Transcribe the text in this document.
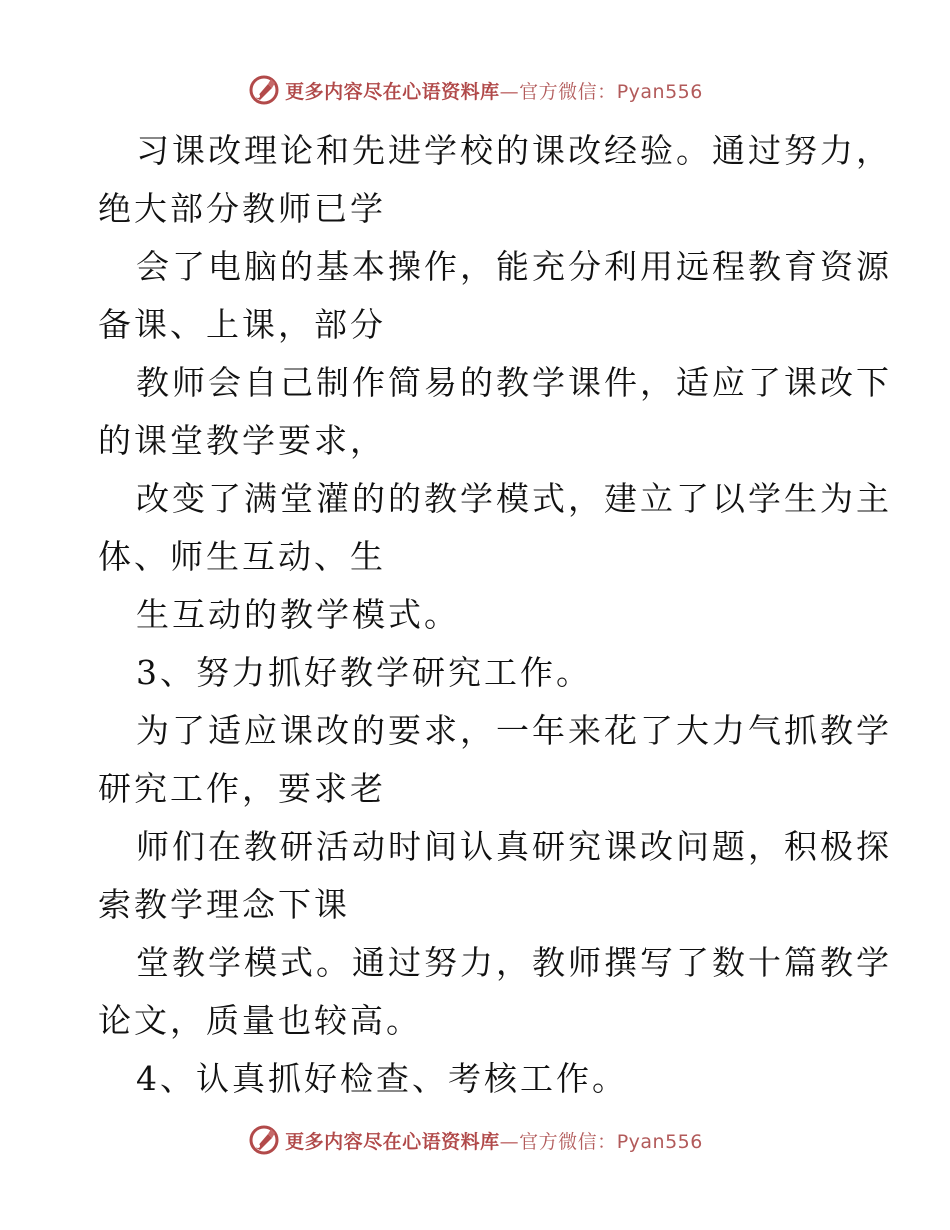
更多内容尽在心语资料库—官方微信：Pyan556
习课改理论和先进学校的课改经验。通过努力，
绝大部分教师已学
会了电脑的基本操作，能充分利用远程教育资源
备课、上课，部分
教师会自己制作简易的教学课件，适应了课改下
的课堂教学要求，
改变了满堂灌的的教学模式，建立了以学生为主
体、师生互动、生
生互动的教学模式。
3、努力抓好教学研究工作。
为了适应课改的要求，一年来花了大力气抓教学
研究工作，要求老
师们在教研活动时间认真研究课改问题，积极探
索教学理念下课
堂教学模式。通过努力，教师撰写了数十篇教学
论文，质量也较高。
4、认真抓好检查、考核工作。
更多内容尽在心语资料库—官方微信：Pyan556
